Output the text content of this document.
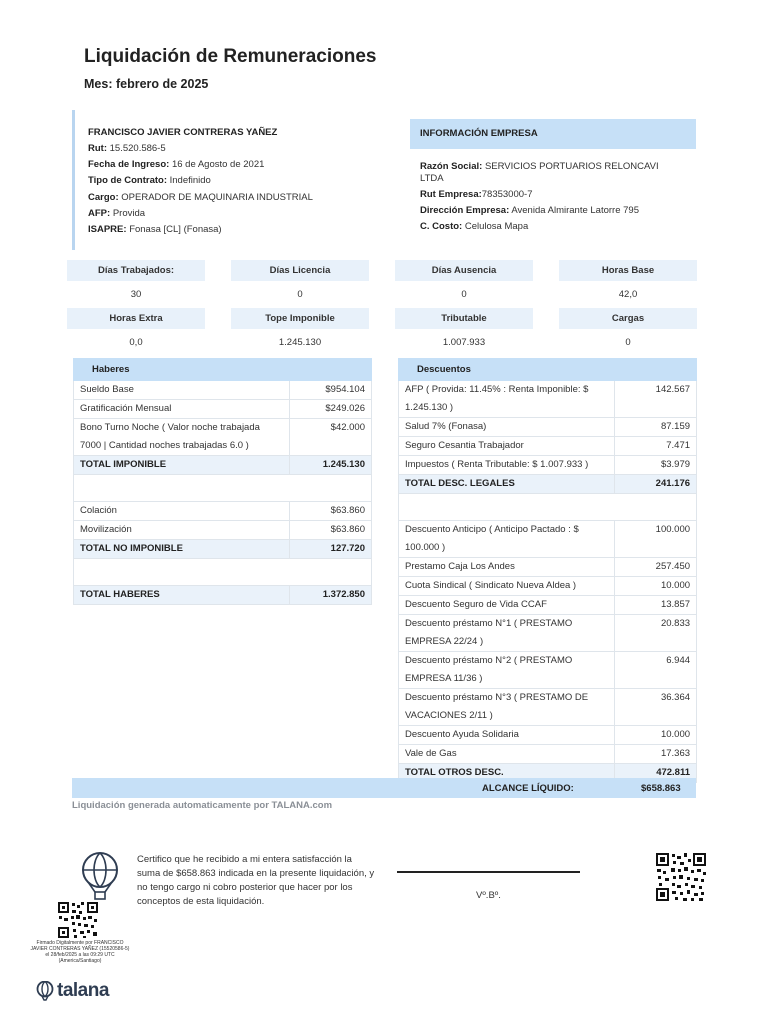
Liquidación de Remuneraciones
Mes: febrero de 2025
FRANCISCO JAVIER CONTRERAS YAÑEZ
Rut: 15.520.586-5
Fecha de Ingreso: 16 de Agosto de 2021
Tipo de Contrato: Indefinido
Cargo: OPERADOR DE MAQUINARIA INDUSTRIAL
AFP: Provida
ISAPRE: Fonasa [CL] (Fonasa)
INFORMACIÓN EMPRESA
Razón Social: SERVICIOS PORTUARIOS RELONCAVI
LTDA
Rut Empresa:78353000-7
Dirección Empresa: Avenida Almirante Latorre 795
C. Costo: Celulosa Mapa
Días Trabajados:	Días Licencia	Días Ausencia	Horas Base
30	0	0	42,0
Horas Extra	Tope Imponible	Tributable	Cargas
0,0	1.245.130	1.007.933	0
Haberes	
Sueldo Base	$954.104
Gratificación Mensual	$249.026
Bono Turno Noche ( Valor noche trabajada 7000 | Cantidad noches trabajadas 6.0 )	$42.000
TOTAL IMPONIBLE	1.245.130

Colación	$63.860
Movilización	$63.860
TOTAL NO IMPONIBLE	127.720

TOTAL HABERES	1.372.850
Descuentos	
AFP ( Provida: 11.45% : Renta Imponible: $ 1.245.130 )	142.567
Salud 7% (Fonasa)	87.159
Seguro Cesantia Trabajador	7.471
Impuestos ( Renta Tributable: $ 1.007.933 )	$3.979
TOTAL DESC. LEGALES	241.176

Descuento Anticipo ( Anticipo Pactado : $ 100.000 )	100.000
Prestamo Caja Los Andes	257.450
Cuota Sindical ( Sindicato Nueva Aldea )	10.000
Descuento Seguro de Vida CCAF	13.857
Descuento préstamo N°1 ( PRESTAMO EMPRESA 22/24 )	20.833
Descuento préstamo N°2 ( PRESTAMO EMPRESA 11/36 )	6.944
Descuento préstamo N°3 ( PRESTAMO DE VACACIONES 2/11 )	36.364
Descuento Ayuda Solidaria	10.000
Vale de Gas	17.363
TOTAL OTROS DESC.	472.811
ALCANCE LÍQUIDO:	$658.863
Liquidación generada automaticamente por TALANA.com
Firmado Digitalmente por FRANCISCO JAVIER CONTRERAS YAÑEZ (15520586-5) el 28/feb/2025 a las 09:29 UTC (America/Santiago)
Certifico que he recibido a mi entera satisfacción la suma de $658.863 indicada en la presente liquidación, y no tengo cargo ni cobro posterior que hacer por los conceptos de esta liquidación.
Vº.Bº.
talana
